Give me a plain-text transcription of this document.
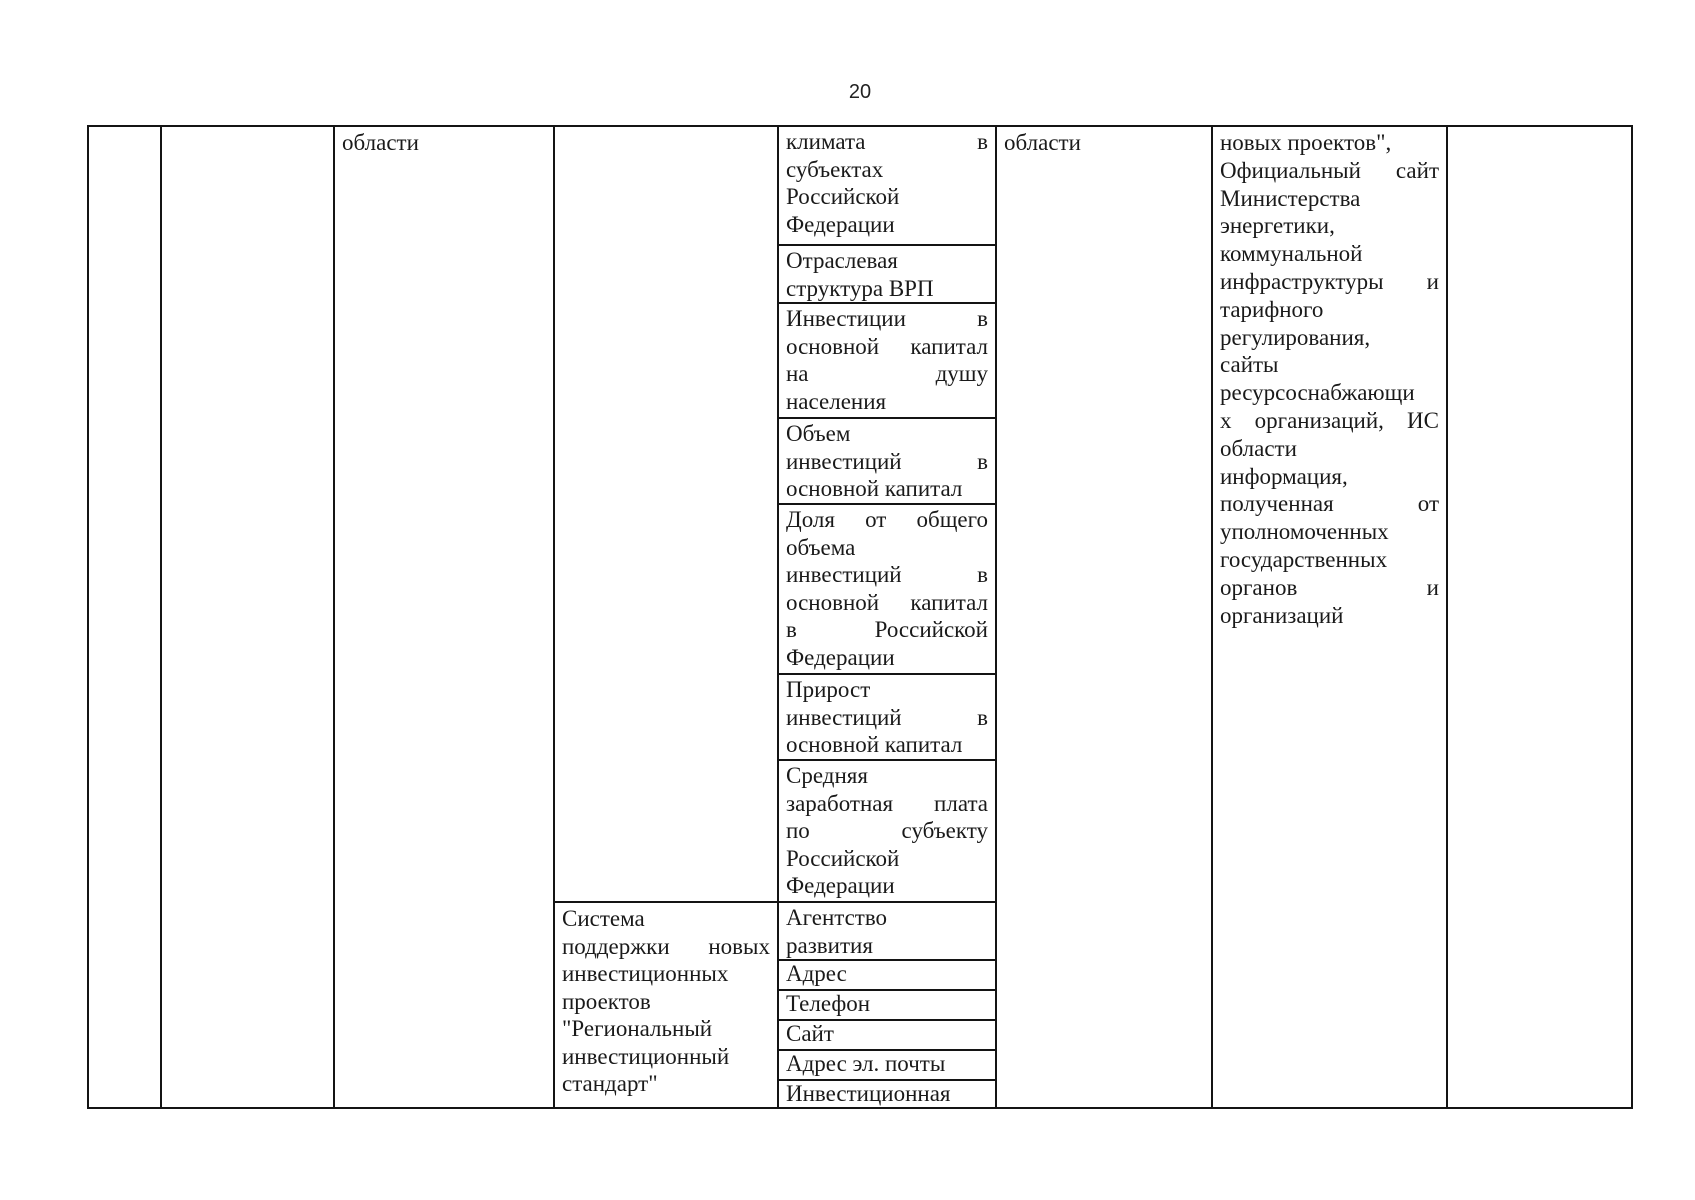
20
области
Система
поддержки новых
инвестиционных
проектов
"Региональный
инвестиционный
стандарт"
климата в
субъектах
Российской
Федерации
Отраслевая
структура ВРП
Инвестиции в
основной капитал
на душу
населения
Объем
инвестиций в
основной капитал
Доля от общего
объема
инвестиций в
основной капитал
в Российской
Федерации
Прирост
инвестиций в
основной капитал
Средняя
заработная плата
по субъекту
Российской
Федерации
Агентство
развития
Адрес
Телефон
Сайт
Адрес эл. почты
Инвестиционная
области	новых проектов",
Официальный сайт
Министерства
энергетики,
коммунальной
инфраструктуры и
тарифного
регулирования,
сайты
ресурсоснабжающи
х организаций, ИС
области
информация,
полученная от
уполномоченных
государственных
органов и
организаций
